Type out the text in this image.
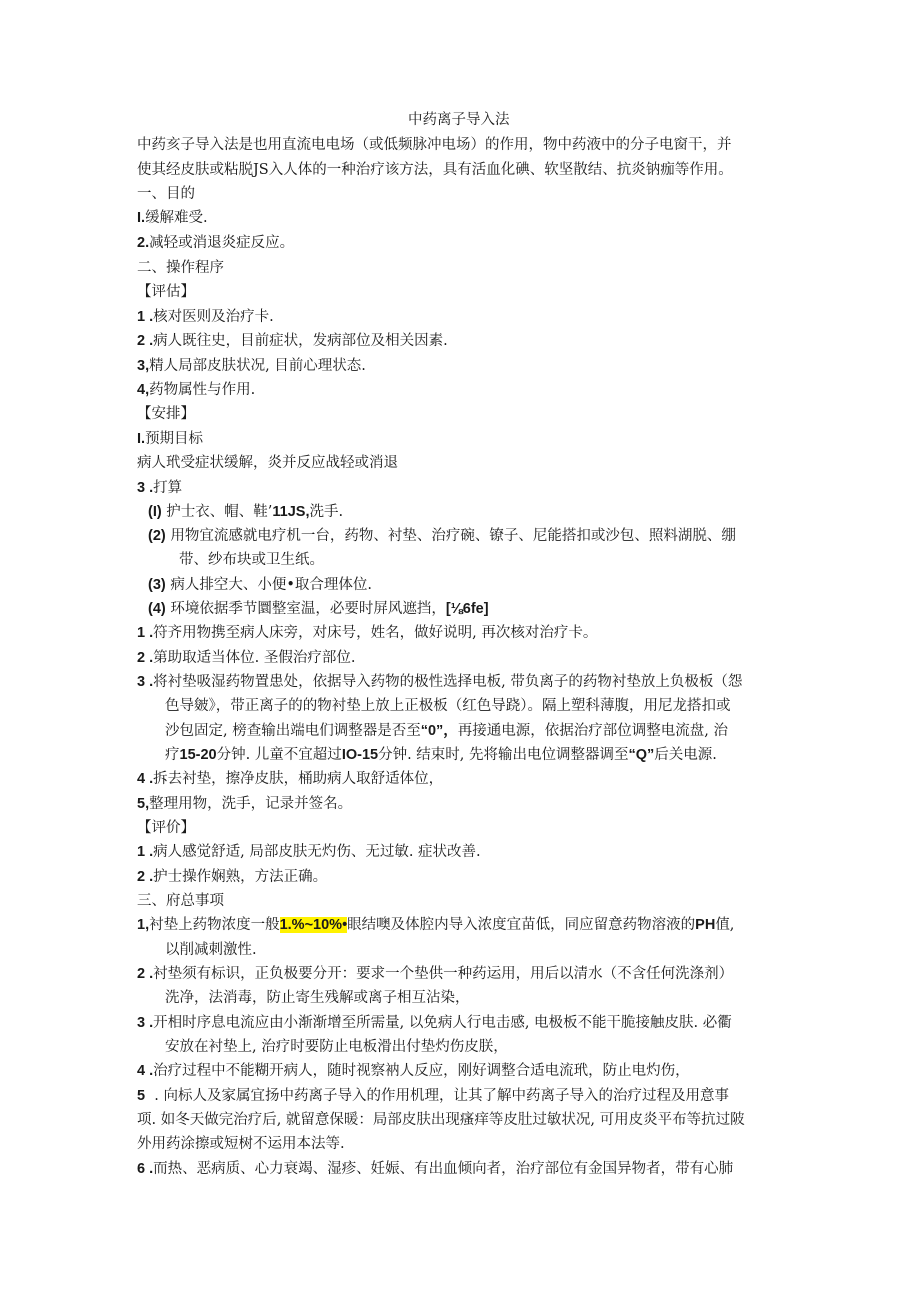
中药离子导入法
中药亥子导入法是也用直流电电场（或低频脉冲电场）的作用，物中药液中的分子电窗干，并
使其经皮肤或粘脱JS入人体的一种治疗该方法，具有活血化碘、软坚散结、抗炎钠痂等作用。
一、目的
I.缓解难受.
2.减轻或消退炎症反应。
二、操作程序
【评估】
1 .核对医则及治疗卡.
2 .病人既往史，目前症状，发病部位及相关因素.
3,精人局部皮肤状况, 目前心理状态.
4,药物属性与作用.
【安排】
I.预期目标
病人玳受症状缓解，炎并反应战轻或消退
3 .打算
(I) 护士衣、帽、鞋’11JS,洗手.
(2) 用物宜流感就电疗机一台，药物、衬垫、治疗碗、镣子、尼能搭扣或沙包、照料湖脱、绷
带、纱布块或卫生纸。
(3) 病人排空大、小便•取合理体位.
(4) 环境依据季节圜整室温，必要时屏风遮挡，[⅛6fe]
1 .符齐用物携至病人床旁，对床号，姓名，做好说明, 再次核对治疗卡。
2 .第助取适当体位. 圣假治疗部位.
3 .将衬垫吸湿药物置患处，依据导入药物的极性选择电板, 带负离子的药物衬垫放上负极板（怨
色导皴》，带正离子的的物衬垫上放上正极板（红色导跷）。隔上塑科薄腹，用尼龙搭扣或
沙包固定, 榜查输出端电们调整器是否至“0”，再接通电源，依据治疗部位调整电流盘, 治
疗15-20分钟. 儿童不宜超过IO-15分钟. 结束时, 先将输出电位调整器调至“Q”后关电源.
4 .拆去衬垫，擦净皮肤，桶助病人取舒适体位，
5,整理用物，洗手，记录并签名。
【评价】
1 .病人感觉舒适, 局部皮肤无灼伤、无过敏. 症状改善.
2 .护士操作娴熟，方法正确。
三、府总事项
1,衬垫上药物浓度一般1.%~10%•眼结噢及体腔内导入浓度宜苗低，同应留意药物溶液的PH值,
以削减刺激性.
2 .衬垫须有标识，正负极要分开：要求一个垫供一种药运用，用后以清水（不含任何洗涤剂）
洗净，法消毒，防止寄生残解或离子相互沾染，
3 .开相时序息电流应由小渐渐增至所需量, 以免病人行电击感, 电极板不能干脆接触皮肤. 必衢
安放在衬垫上, 治疗时要防止电板滑出付垫灼伤皮朕，
4 .治疗过程中不能糊开病人，随时视察衲人反应，刚好调整合适电流玳，防止电灼伤，
5 . 向标人及家属宜扬中药离子导入的作用机理，让其了解中药离子导入的治疗过程及用意事
项. 如冬天做完治疗后, 就留意保暖：局部皮肤出现瘙痒等皮肚过敏状况, 可用皮炎平布等抗过陂
外用药涂擦或短树不运用本法等.
6 .而热、恶病质、心力衰竭、湿疹、妊娠、有出血倾向者，治疗部位有金国异物者，带有心肺
